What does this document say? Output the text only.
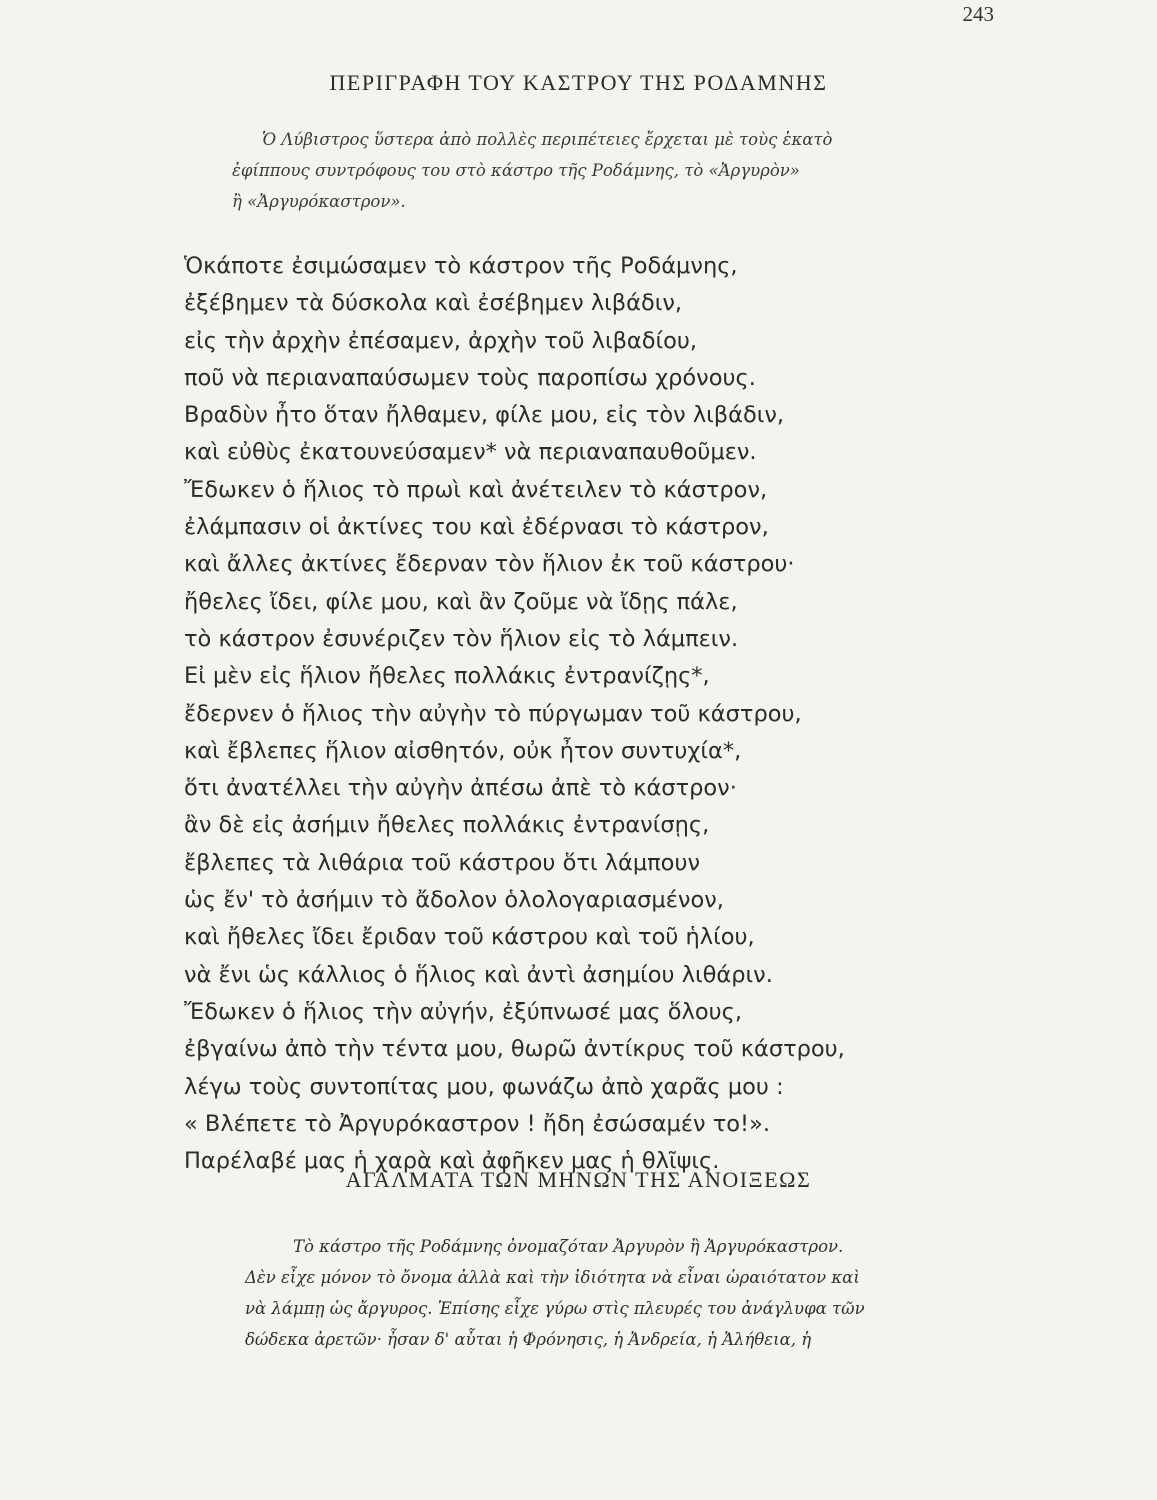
243
ΠΕΡΙΓΡΑΦΗ ΤΟΥ ΚΑΣΤΡΟΥ ΤΗΣ ΡΟΔΑΜΝΗΣ
Ὁ Λύβιστρος ὕστερα ἀπὸ πολλὲς περιπέτειες ἔρχεται μὲ τοὺς ἑκατὸ
ἐφίππους συντρόφους του στὸ κάστρο τῆς Ροδάμνης, τὸ «Ἀργυρὸν»
ἢ «Ἀργυρόκαστρον».
Ὁκάποτε ἐσιμώσαμεν τὸ κάστρον τῆς Ροδάμνης,
ἐξέβημεν τὰ δύσκολα καὶ ἐσέβημεν λιβάδιν,
εἰς τὴν ἀρχὴν ἐπέσαμεν, ἀρχὴν τοῦ λιβαδίου,
ποῦ νὰ περιαναπαύσωμεν τοὺς παροπίσω χρόνους.
Βραδὺν ἦτο ὅταν ἤλθαμεν, φίλε μου, εἰς τὸν λιβάδιν,
καὶ εὐθὺς ἐκατουνεύσαμεν* νὰ περιαναπαυθοῦμεν.
Ἔδωκεν ὁ ἥλιος τὸ πρωὶ καὶ ἀνέτειλεν τὸ κάστρον,
ἐλάμπασιν οἱ ἀκτίνες του καὶ ἐδέρνασι τὸ κάστρον,
καὶ ἄλλες ἀκτίνες ἔδερναν τὸν ἥλιον ἐκ τοῦ κάστρου·
ἤθελες ἴδει, φίλε μου, καὶ ἂν ζοῦμε νὰ ἴδῃς πάλε,
τὸ κάστρον ἐσυνέριζεν τὸν ἥλιον εἰς τὸ λάμπειν.
Εἰ μὲν εἰς ἥλιον ἤθελες πολλάκις ἐντρανίζῃς*,
ἔδερνεν ὁ ἥλιος τὴν αὐγὴν τὸ πύργωμαν τοῦ κάστρου,
καὶ ἔβλεπες ἥλιον αἰσθητόν, οὐκ ἦτον συντυχία*,
ὅτι ἀνατέλλει τὴν αὐγὴν ἀπέσω ἀπὲ τὸ κάστρον·
ἂν δὲ εἰς ἀσήμιν ἤθελες πολλάκις ἐντρανίσῃς,
ἔβλεπες τὰ λιθάρια τοῦ κάστρου ὅτι λάμπουν
ὡς ἔν' τὸ ἀσήμιν τὸ ἄδολον ὁλολογαριασμένον,
καὶ ἤθελες ἴδει ἔριδαν τοῦ κάστρου καὶ τοῦ ἡλίου,
νὰ ἔνι ὡς κάλλιος ὁ ἥλιος καὶ ἀντὶ ἀσημίου λιθάριν.
Ἔδωκεν ὁ ἥλιος τὴν αὐγήν, ἐξύπνωσέ μας ὅλους,
ἐβγαίνω ἀπὸ τὴν τέντα μου, θωρῶ ἀντίκρυς τοῦ κάστρου,
λέγω τοὺς συντοπίτας μου, φωνάζω ἀπὸ χαρᾶς μου :
« Βλέπετε τὸ Ἀργυρόκαστρον ! ἤδη ἐσώσαμέν το!».
Παρέλαβέ μας ἡ χαρὰ καὶ ἀφῆκεν μας ἡ θλῖψις.
ΑΓΑΛΜΑΤΑ ΤΩΝ ΜΗΝΩΝ ΤΗΣ ΑΝΟΙΞΕΩΣ
Τὸ κάστρο τῆς Ροδάμνης ὀνομαζόταν Ἀργυρὸν ἢ Ἀργυρόκαστρον.
Δὲν εἶχε μόνον τὸ ὄνομα ἀλλὰ καὶ τὴν ἰδιότητα νὰ εἶναι ὡραιότατον καὶ
νὰ λάμπῃ ὡς ἄργυρος. Ἐπίσης εἶχε γύρω στὶς πλευρές του ἀνάγλυφα τῶν
δώδεκα ἀρετῶν· ἦσαν δ' αὗται ἡ Φρόνησις, ἡ Ἀνδρεία, ἡ Ἀλήθεια, ἡ
